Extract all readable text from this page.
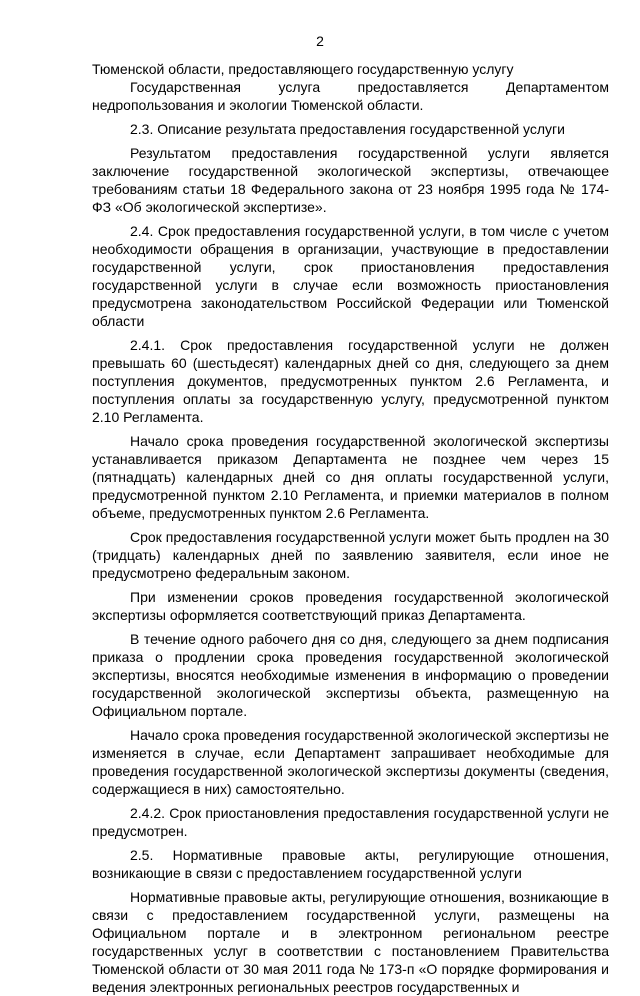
2

Тюменской области, предоставляющего государственную услугу

Государственная услуга предоставляется Департаментом недропользования и экологии Тюменской области.

2.3. Описание результата предоставления государственной услуги

Результатом предоставления государственной услуги является заключение государственной экологической экспертизы, отвечающее требованиям статьи 18 Федерального закона от 23 ноября 1995 года № 174-ФЗ «Об экологической экспертизе».

2.4. Срок предоставления государственной услуги, в том числе с учетом необходимости обращения в организации, участвующие в предоставлении государственной услуги, срок приостановления предоставления государственной услуги в случае если возможность приостановления предусмотрена законодательством Российской Федерации или Тюменской области

2.4.1. Срок предоставления государственной услуги не должен превышать 60 (шестьдесят) календарных дней со дня, следующего за днем поступления документов, предусмотренных пунктом 2.6 Регламента, и поступления оплаты за государственную услугу, предусмотренной пунктом 2.10 Регламента.

Начало срока проведения государственной экологической экспертизы устанавливается приказом Департамента не позднее чем через 15 (пятнадцать) календарных дней со дня оплаты государственной услуги, предусмотренной пунктом 2.10 Регламента, и приемки материалов в полном объеме, предусмотренных пунктом 2.6 Регламента.

Срок предоставления государственной услуги может быть продлен на 30 (тридцать) календарных дней по заявлению заявителя, если иное не предусмотрено федеральным законом.

При изменении сроков проведения государственной экологической экспертизы оформляется соответствующий приказ Департамента.

В течение одного рабочего дня со дня, следующего за днем подписания приказа о продлении срока проведения государственной экологической экспертизы, вносятся необходимые изменения в информацию о проведении государственной экологической экспертизы объекта, размещенную на Официальном портале.

Начало срока проведения государственной экологической экспертизы не изменяется в случае, если Департамент запрашивает необходимые для проведения государственной экологической экспертизы документы (сведения, содержащиеся в них) самостоятельно.

2.4.2. Срок приостановления предоставления государственной услуги не предусмотрен.

2.5. Нормативные правовые акты, регулирующие отношения, возникающие в связи с предоставлением государственной услуги

Нормативные правовые акты, регулирующие отношения, возникающие в связи с предоставлением государственной услуги, размещены на Официальном портале и в электронном региональном реестре государственных услуг в соответствии с постановлением Правительства Тюменской области от 30 мая 2011 года № 173-п «О порядке формирования и ведения электронных региональных реестров государственных и
